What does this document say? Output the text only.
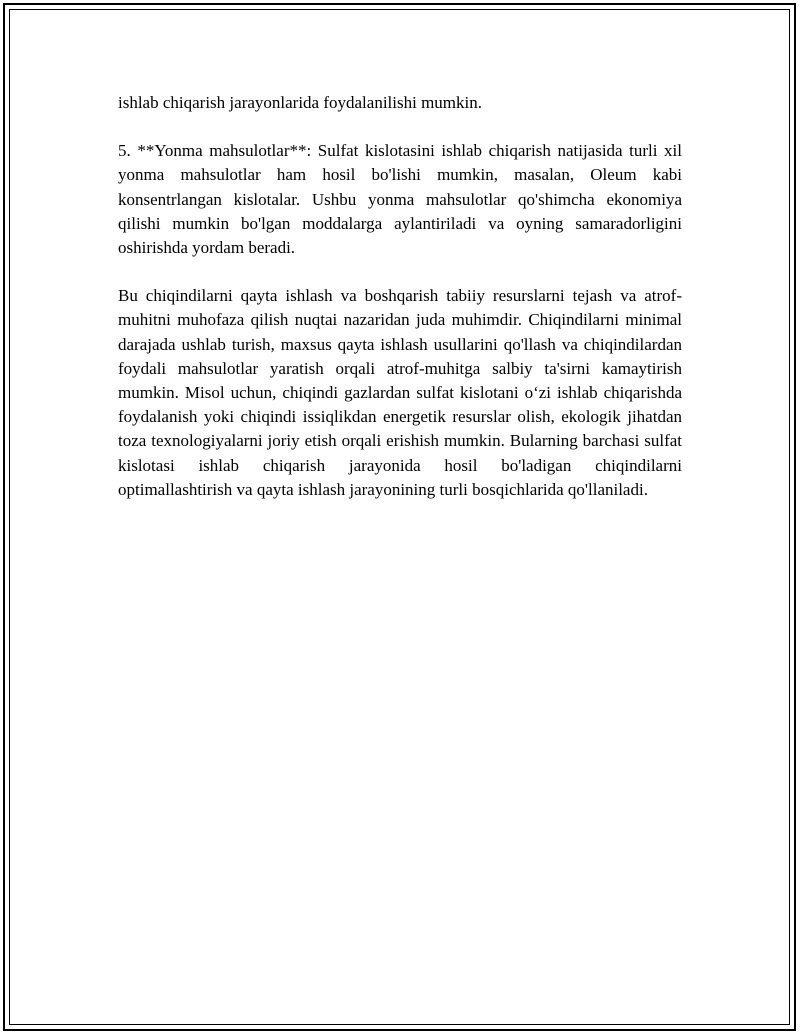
ishlab chiqarish jarayonlarida foydalanilishi mumkin.

5. **Yonma mahsulotlar**: Sulfat kislotasini ishlab chiqarish natijasida turli xil yonma mahsulotlar ham hosil bo'lishi mumkin, masalan, Oleum kabi konsentrlangan kislotalar. Ushbu yonma mahsulotlar qo'shimcha ekonomiya qilishi mumkin bo'lgan moddalarga aylantiriladi va oyning samaradorligini oshirishda yordam beradi.

Bu chiqindilarni qayta ishlash va boshqarish tabiiy resurslarni tejash va atrof-muhitni muhofaza qilish nuqtai nazaridan juda muhimdir. Chiqindilarni minimal darajada ushlab turish, maxsus qayta ishlash usullarini qo'llash va chiqindilardan foydali mahsulotlar yaratish orqali atrof-muhitga salbiy ta'sirni kamaytirish mumkin. Misol uchun, chiqindi gazlardan sulfat kislotani o‘zi ishlab chiqarishda foydalanish yoki chiqindi issiqlikdan energetik resurslar olish, ekologik jihatdan toza texnologiyalarni joriy etish orqali erishish mumkin. Bularning barchasi sulfat kislotasi ishlab chiqarish jarayonida hosil bo'ladigan chiqindilarni optimallashtirish va qayta ishlash jarayonining turli bosqichlarida qo'llaniladi.
